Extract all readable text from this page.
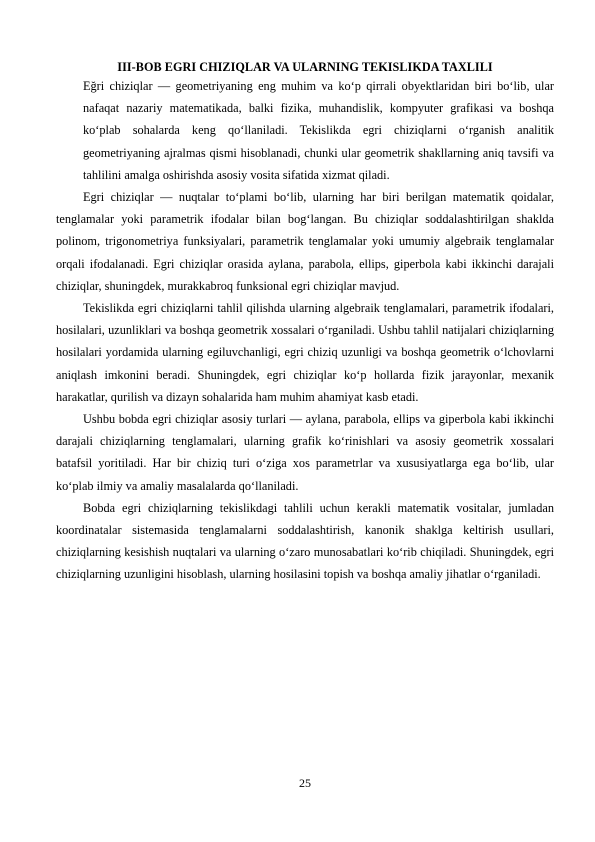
III-BOB EGRI CHIZIQLAR VA ULARNING TEKISLIKDA TAXLILI

Eğri chiziqlar — geometriyaning eng muhim va ko‘p qirrali obyektlaridan biri bo‘lib, ular nafaqat nazariy matematikada, balki fizika, muhandislik, kompyuter grafikasi va boshqa ko‘plab sohalarda keng qo‘llaniladi. Tekislikda egri chiziqlarni o‘rganish analitik geometriyaning ajralmas qismi hisoblanadi, chunki ular geometrik shakllarning aniq tavsifi va tahlilini amalga oshirishda asosiy vosita sifatida xizmat qiladi.

Egri chiziqlar — nuqtalar to‘plami bo‘lib, ularning har biri berilgan matematik qoidalar, tenglamalar yoki parametrik ifodalar bilan bog‘langan. Bu chiziqlar soddalashtirilgan shaklda polinom, trigonometriya funksiyalari, parametrik tenglamalar yoki umumiy algebraik tenglamalar orqali ifodalanadi. Egri chiziqlar orasida aylana, parabola, ellips, giperbola kabi ikkinchi darajali chiziqlar, shuningdek, murakkabroq funksional egri chiziqlar mavjud.

Tekislikda egri chiziqlarni tahlil qilishda ularning algebraik tenglamalari, parametrik ifodalari, hosilalari, uzunliklari va boshqa geometrik xossalari o‘rganiladi. Ushbu tahlil natijalari chiziqlarning hosilalari yordamida ularning egiluvchanligi, egri chiziq uzunligi va boshqa geometrik o‘lchovlarni aniqlash imkonini beradi. Shuningdek, egri chiziqlar ko‘p hollarda fizik jarayonlar, mexanik harakatlar, qurilish va dizayn sohalarida ham muhim ahamiyat kasb etadi.

Ushbu bobda egri chiziqlar asosiy turlari — aylana, parabola, ellips va giperbola kabi ikkinchi darajali chiziqlarning tenglamalari, ularning grafik ko‘rinishlari va asosiy geometrik xossalari batafsil yoritiladi. Har bir chiziq turi o‘ziga xos parametrlar va xususiyatlarga ega bo‘lib, ular ko‘plab ilmiy va amaliy masalalarda qo‘llaniladi.

Bobda egri chiziqlarning tekislikdagi tahlili uchun kerakli matematik vositalar, jumladan koordinatalar sistemasida tenglamalarni soddalashtirish, kanonik shaklga keltirish usullari, chiziqlarning kesishish nuqtalari va ularning o‘zaro munosabatlari ko‘rib chiqiladi. Shuningdek, egri chiziqlarning uzunligini hisoblash, ularning hosilasini topish va boshqa amaliy jihatlar o‘rganiladi.

25
